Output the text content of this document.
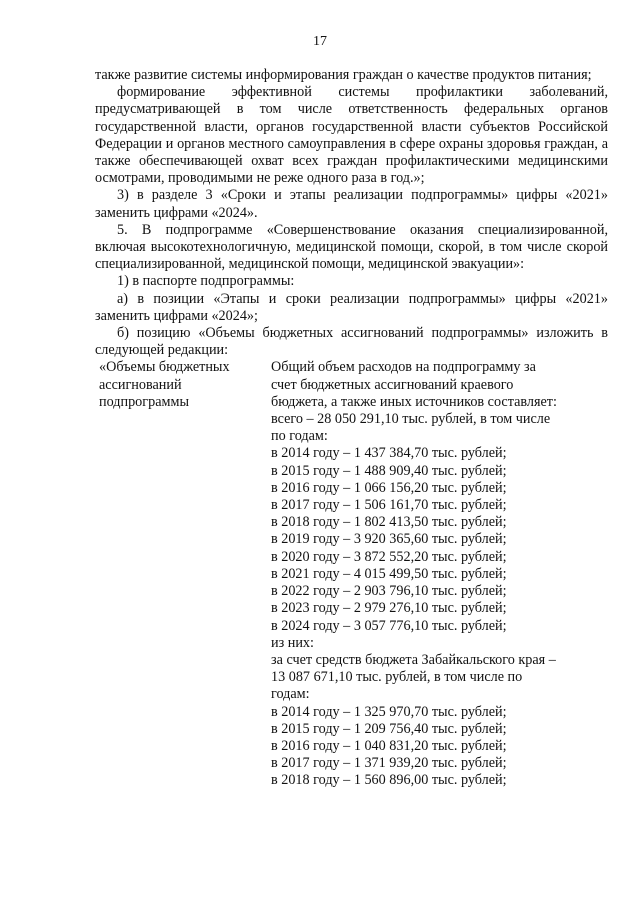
17

также развитие системы информирования граждан о качестве продуктов питания;

формирование эффективной системы профилактики заболеваний, предусматривающей в том числе ответственность федеральных органов государственной власти, органов государственной власти субъектов Российской Федерации и органов местного самоуправления в сфере охраны здоровья граждан, а также обеспечивающей охват всех граждан профилактическими медицинскими осмотрами, проводимыми не реже одного раза в год.»;

3) в разделе 3 «Сроки и этапы реализации подпрограммы» цифры «2021» заменить цифрами «2024».

5. В подпрограмме «Совершенствование оказания специализированной, включая высокотехнологичную, медицинской помощи, скорой, в том числе скорой специализированной, медицинской помощи, медицинской эвакуации»:

1) в паспорте подпрограммы:

а) в позиции «Этапы и сроки реализации подпрограммы» цифры «2021» заменить цифрами «2024»;

б) позицию «Объемы бюджетных ассигнований подпрограммы» изложить в следующей редакции:

«Объемы бюджетных
ассигнований
подпрограммы
Общий объем расходов на подпрограмму за
счет бюджетных ассигнований краевого
бюджета, а также иных источников составляет:
всего – 28 050 291,10 тыс. рублей, в том числе
по годам:
в 2014 году – 1 437 384,70 тыс. рублей;
в 2015 году – 1 488 909,40 тыс. рублей;
в 2016 году – 1 066 156,20 тыс. рублей;
в 2017 году – 1 506 161,70 тыс. рублей;
в 2018 году – 1 802 413,50 тыс. рублей;
в 2019 году – 3 920 365,60 тыс. рублей;
в 2020 году – 3 872 552,20 тыс. рублей;
в 2021 году – 4 015 499,50 тыс. рублей;
в 2022 году – 2 903 796,10 тыс. рублей;
в 2023 году – 2 979 276,10 тыс. рублей;
в 2024 году – 3 057 776,10 тыс. рублей;
из них:
за счет средств бюджета Забайкальского края –
13 087 671,10 тыс. рублей, в том числе по
годам:
в 2014 году – 1 325 970,70 тыс. рублей;
в 2015 году – 1 209 756,40 тыс. рублей;
в 2016 году – 1 040 831,20 тыс. рублей;
в 2017 году – 1 371 939,20 тыс. рублей;
в 2018 году – 1 560 896,00 тыс. рублей;
